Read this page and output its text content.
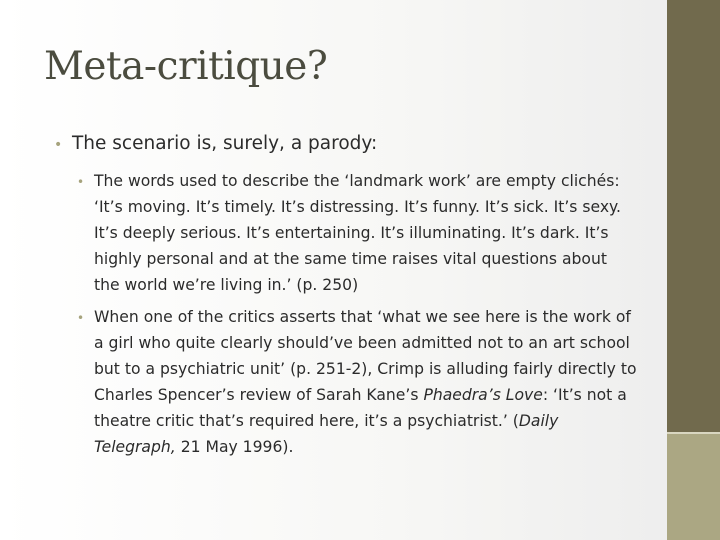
Meta-critique?
• The scenario is, surely, a parody:
• The words used to describe the ‘landmark work’ are empty clichés: ‘It’s moving. It’s timely. It’s distressing. It’s funny. It’s sick. It’s sexy. It’s deeply serious. It’s entertaining. It’s illuminating. It’s dark. It’s highly personal and at the same time raises vital questions about the world we’re living in.’ (p. 250)
• When one of the critics asserts that ‘what we see here is the work of a girl who quite clearly should’ve been admitted not to an art school but to a psychiatric unit’ (p. 251-2), Crimp is alluding fairly directly to Charles Spencer’s review of Sarah Kane’s Phaedra’s Love: ‘It’s not a theatre critic that’s required here, it’s a psychiatrist.’ (Daily Telegraph, 21 May 1996).
